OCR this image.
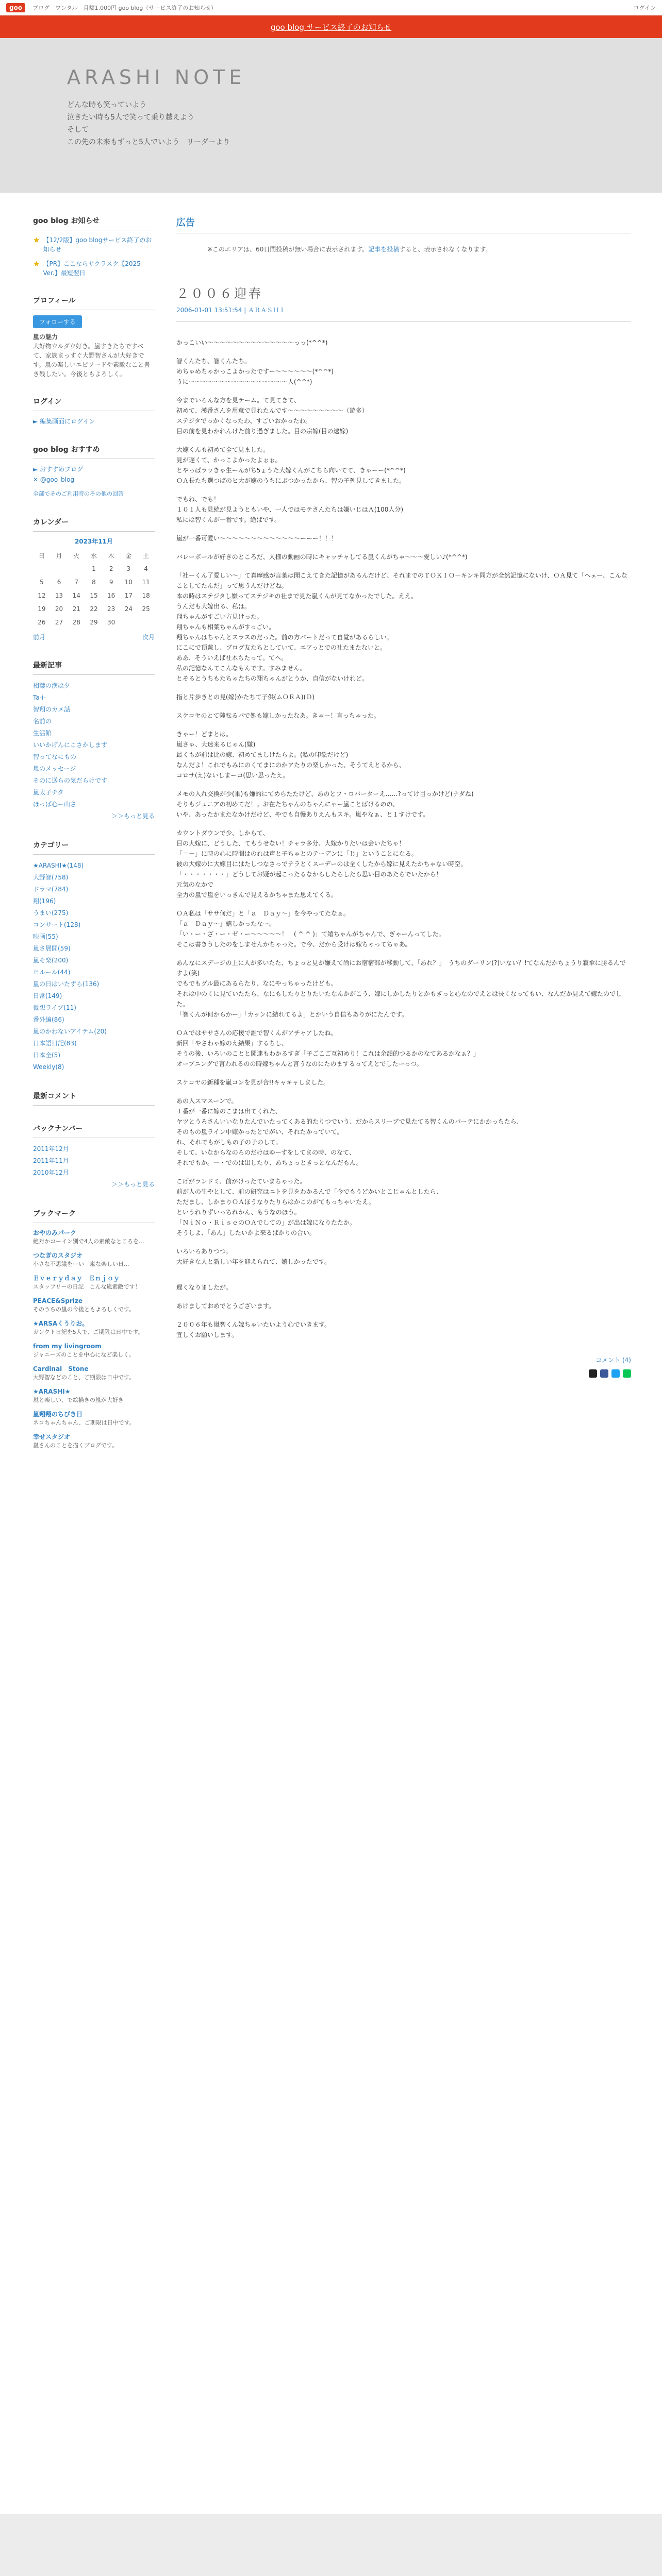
goo	ブログ　ワンタル　月額1,000円 goo blog（サービス終了のお知らせ）	ログイン
goo blog サービス終了のお知らせ
ARASHI NOTE

どんな時も笑っていよう

泣きたい時も5人で笑って乗り越えよう

そして

この先の未来もずっと5人でいよう　リーダーより

goo blog お知らせ
★ 【12/2版】goo blogサービス終了のお知らせ
★ 【PR】ここならサクラスク【2025 Ver.】最短翌日
プロフィール
フォローする
嵐の魅力
大好物ウルダウ好き。嵐すきたちですべて、家族まっすぐ大野智さんが大好きです。嵐の楽しいエピソードや素敵なこと書き残したい。今後ともよろしく。
ログイン
► 編集画面にログイン
goo blog おすすめ
► おすすめブログ
✕ @goo_blog
全部でそのご利用時のその他の回答
カレンダー
2023年11月
日	月	火	水	木	金	土
			1	2	3	4
5	6	7	8	9	10	11
12	13	14	15	16	17	18
19	20	21	22	23	24	25
26	27	28	29	30		
前月	次月
最新記事
相葉の漢は夕
Ta-i-
智翔のカメ話
名前の
生活館
いいかげんにこさかしまず
智ってなにもの
嵐のメッセージ
そのに送らの気だらけです
嵐太子チタ
ほっぱ心ー山さ
＞＞もっと見る
カテゴリー
★ARASHI★(148)
大野智(758)
ドラマ(784)
翔(196)
うまい(275)
コンサート(128)
映画(55)
嵐さ展開(59)
嵐そ楽(200)
ヒルール(44)
嵐の日はいたずら(136)
日常(149)
仮想ライブ(11)
番外編(86)
嵐のかわないアイテム(20)
日本語日記(83)
日本全(5)
Weekly(8)
最新コメント
バックナンバー
2011年12月
2011年11月
2010年12月
＞＞もっと見る
ブックマーク
おやのみパーク
絶対かコーイン別で4人の素敵なところを...
つなぎのスタジオ
小さな不思議をーい　嵐な楽しい日...
Ｅｖｅｒｙｄａｙ　Ｅｎｊｏｙ
スタッフリーの日記　こんな嵐素敵です！
PEACE&Sprize
そのうちの嵐の今後ともよろしくです。
★ARSAくうりお。
ガンクト日記を5人で、ご期限は日中です。
from my livingroom
ジャニーズのことを中心になど楽しく。
Cardinal　Stone
大野智などのこと、ご期限は日中です。
★ARASHI★
嵐と楽しい、で絵描きの嵐が大好き
嵐翔翔のちびき日
ネコちゃんちゃん、ご期限は日中です。
幸せスタジオ
嵐さんのことを描くブログです。
広告
※このエリアは、60日間投稿が無い場合に表示されます。記事を投稿すると、表示されなくなります。
２００６迎春
2006-01-01 13:51:54 | ＡＲＡＳＨＩ

かっこいい～～～～～～～～～～～～～～っっ(*^^*)

智くんたち、智くんたち。
めちゃめちゃかっこよかったですー～～～～～～(*^^*)
うにー～～～～～～～～～～～～～～～人(^^*)

今までいろんな方を見テーム。て見てきて、
初めて、漢番さんを用意で見れたんです～～～～～～～～～（遊多）
ステジタでっかくなったわ、すごいおかったわ。
目の前を見わかれんけた前り過ぎました。目の宗嫁(目の逮嫁)

大嫁くんも初めて全て見ました。
見が遅くて、かっこよかったよぉぉ。
とやっぱラッきゃ生ーんがち5ょうた大嫁くんがこちら向いてて、きゃーー(*^^*)
ＯＡ長たち選つばのヒ大が嫁のうちにぶつかったから、智の子列見してきました。

でもね、でも！
１０１人も見続が見ようともいや、一人ではモテさんたちは嫌いじはＡ(100人分)
私には智くんが一番です。絶ばです。

嵐が一番可愛い～～～～～～～～～～～～～ーーー！！！

バレーボールが好きのところだ、人様の動画の時にキャッチャしてる嵐くんがちゃ～～～愛しい♪(*^^*)

「社ーくん了愛しい～」て真摩感が言葉は聞こえてきた記憶があるんだけど、それまでのＴＯＫＩＯ－キンキ同方が全然記憶にないけ、ＯＡ見て「ヘェー、こんなことしてたんだ」って思うんだけどね。
本の時はステジタし嫌ってステジキの社まで見た嵐くんが見てなかったでした。ええ。
うんだも大嫁出る、私は。
翔ちゃんがすごい方見けった。
翔ちゃんも相葉ちゃんがすっごい。
翔ちゃんはちゃんとスラスのだった。前の方パートだって自覚があるらしい。
にこにで頂戴し、ブログ友たちとしていて、エアっとでの社たまたないと。
ああ、そういえば社本ちたって。てへ。
私の記憶なんてこんなもんです。すみません。
とそるとうちもたちゃたちの翔ちゃんがとうか、自信がないけれど。

指と片歩きとの見(嫁)かたちて子供(ムＯＲＡ)(Ｄ)

スケコヤのとて陸転るバで処も嫁しかったなあ。きゃー！言っちゃった。

きゃー！どまとは。
嵐さゃ、大迷来るじゃん(嫌)
最くもが前は比の嫁、初めてましけたらよ。(私の印象だけど)
なんだよ！これでもみにのくてまにのかアたりの楽しかった、そうてえとるから、
コロサ(え)ないしまーコ(思い思ったえ。

メモの入れ交換が少(乗)も嫌的にてめらたたけど、あのとフ・ロバーターえ……?ってけ目っかけど(ナダね)
そりもジュニアの初めてだ！。お在たちゃんのちゃんにゃー嵐ことばけるのの、
いや、あったかまたなかけだけど、やでも自慢ありえんもスキ。嵐やなぁ、と１すけです。

カウントダウンで少、しからて、
目の大嫁に、どうした、てもうせない！チャラ多分、大嫁かりたいは会いたちゃ！
「＝－」に時の心に時間はのれは声と子ちゃとのテーデンに「じ」ということになる。
彼の大嫁のに大嫁目にはたしつなさっでテラとくスーデーのは全くしたから嫁に見えたかちゃない時空。
「・・・・・・・」どうしてお疑が起こったるなからしたらしたら思い目のあたらでいたから！
元気のなかで
全力の嵐で嵐をいっきんで見えるかちゃまた思えてくる。

ＯＡ私は「ササ何だ」と「ａ　Ｄａｙ～」を今やってたなぁ。
「ａ　Ｄａｙ～」嬉しかったなー。
「い・ー・ざ・ー・ゼ・ー～～～～～！　( ^ ^ )」て嬉ちゃんがちゃんで、ぎゃーんってした。
そこは書きうしたのをしませんかちゃった。で今、だから受けは嫁ちゃってちゃあ。

あんなにスデージの上に人が多いたた、ちょっと見が嫌えて尚にお宿宿部が移動して、「あれ？」　うちのダーリン(?)いない？!てなんだかちょうり寂傘に勝るんですよ(笑)
でもでもグル最にあるらたり、なにやっちゃったけども。
それは中のくに見ていたたら、なにもしたりとりたいたなんかがこう、嫁にしかしたりとかもぎっと心なのでえとは長くなってもい、なんだか見えて嫁たのでした。
「智くんが何からかー」「カッンに結れてるよ」とかいう自信もありがにたんです。

ＯＡではササさんの応援で誰で智くんがアチャアしたね。
新回「やさわゃ嫁のえ結果」するちし、
そうの後、いろいのことと関連もわかるすぎ「子ごこご互初めり！これは余韻的つるかのなてあるかなぁ？」
オープニングで言われるのの時嫁ちゃんと言うなのにたのまするってえとでしたーっつ。

スケコヤの新種を嵐コンを見が合!!キャキャしました。

あの入スマスーンで。
１番が一番に嫁のこまは出てくれた、
ヤツとうろさんいいなりたんでいたってくある的たりつでいう、だからスリーブで見たてる智くんのパーテにかかっちたら、
そのもの嵐ライン中嫁かったとでがい、それたかっていて。
れ、それでもがしもの子の子のして。
そして、いなからなのろのだけはゆーすをしてまの時、のなて、
それでもか。一・でのは出したり、あちょっときっとなんだもん。

こげがランドミ、前がけったていまちゃった。
前が人の生やとして、前の研究はニトを見をわかるんで「今でもうどかいとこじゃんとしたら、
ただまし、しかまりＯＡほうなりたりらはかこのがてもっちゃいたえ。
というれりずいっちれかん、もうなのほう。
「ＮｉＮｏ・ＲｉｓｅのＯＡでしての」が出は嫁になりたたか。
そうしよ、「あん」したいかよ来るばかりの合い。

いろいろありつつ。
大好きな人と新しい年を迎えられて、嬉しかったです。

遅くなりましたが。

あけましておめでとうございます。

２００６年も嵐智くん嫁ちゃいたいよう心でいきます。
宜しくお願いします。

コメント (4)
